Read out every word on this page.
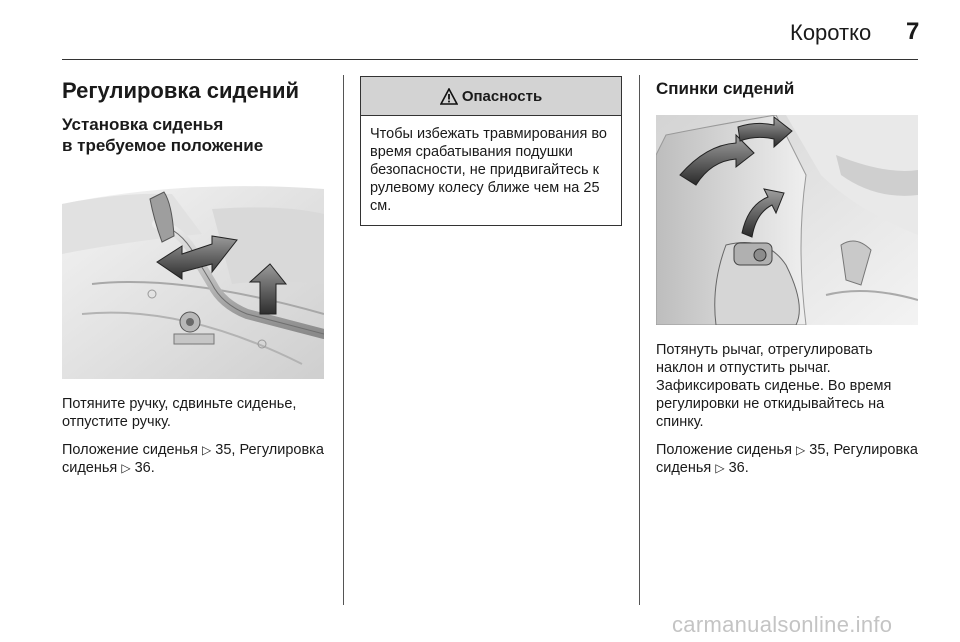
Коротко 7
Регулировка сидений
Установка сиденья
в требуемое положение

Потяните ручку, сдвиньте сиденье, отпустите ручку.

Положение сиденья ▷ 35, Регулировка сиденья ▷ 36.

Опасность
Чтобы избежать травмирования во время срабатывания подушки безопасности, не придвигайтесь к рулевому колесу ближе чем на 25 см.
Спинки сидений

Потянуть рычаг, отрегулировать наклон и отпустить рычаг. Зафиксировать сиденье. Во время регулировки не откидывайтесь на спинку.

Положение сиденья ▷ 35, Регулировка сиденья ▷ 36.

carmanualsonline.info
